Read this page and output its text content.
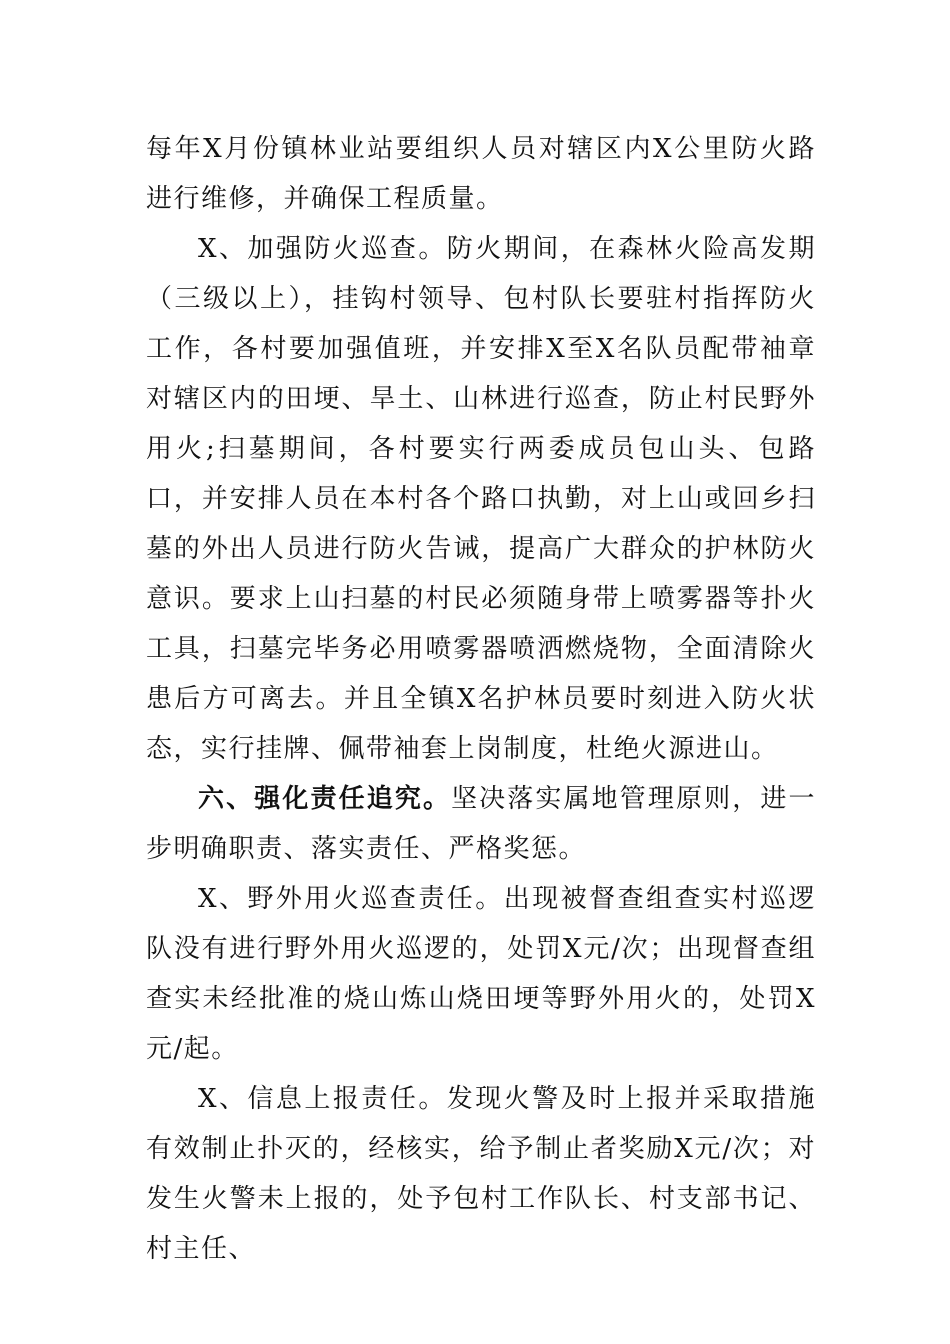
每年X月份镇林业站要组织人员对辖区内X公里防火路进行维修，并确保工程质量。

X、加强防火巡查。防火期间，在森林火险高发期（三级以上），挂钩村领导、包村队长要驻村指挥防火工作，各村要加强值班，并安排X至X名队员配带袖章对辖区内的田埂、旱土、山林进行巡查，防止村民野外用火;扫墓期间，各村要实行两委成员包山头、包路口，并安排人员在本村各个路口执勤，对上山或回乡扫墓的外出人员进行防火告诫，提高广大群众的护林防火意识。要求上山扫墓的村民必须随身带上喷雾器等扑火工具，扫墓完毕务必用喷雾器喷洒燃烧物，全面清除火患后方可离去。并且全镇X名护林员要时刻进入防火状态，实行挂牌、佩带袖套上岗制度，杜绝火源进山。

六、强化责任追究。坚决落实属地管理原则，进一步明确职责、落实责任、严格奖惩。

X、野外用火巡查责任。出现被督查组查实村巡逻队没有进行野外用火巡逻的，处罚X元/次；出现督查组查实未经批准的烧山炼山烧田埂等野外用火的，处罚X元/起。

X、信息上报责任。发现火警及时上报并采取措施有效制止扑灭的，经核实，给予制止者奖励X元/次；对发生火警未上报的，处予包村工作队长、村支部书记、村主任、
